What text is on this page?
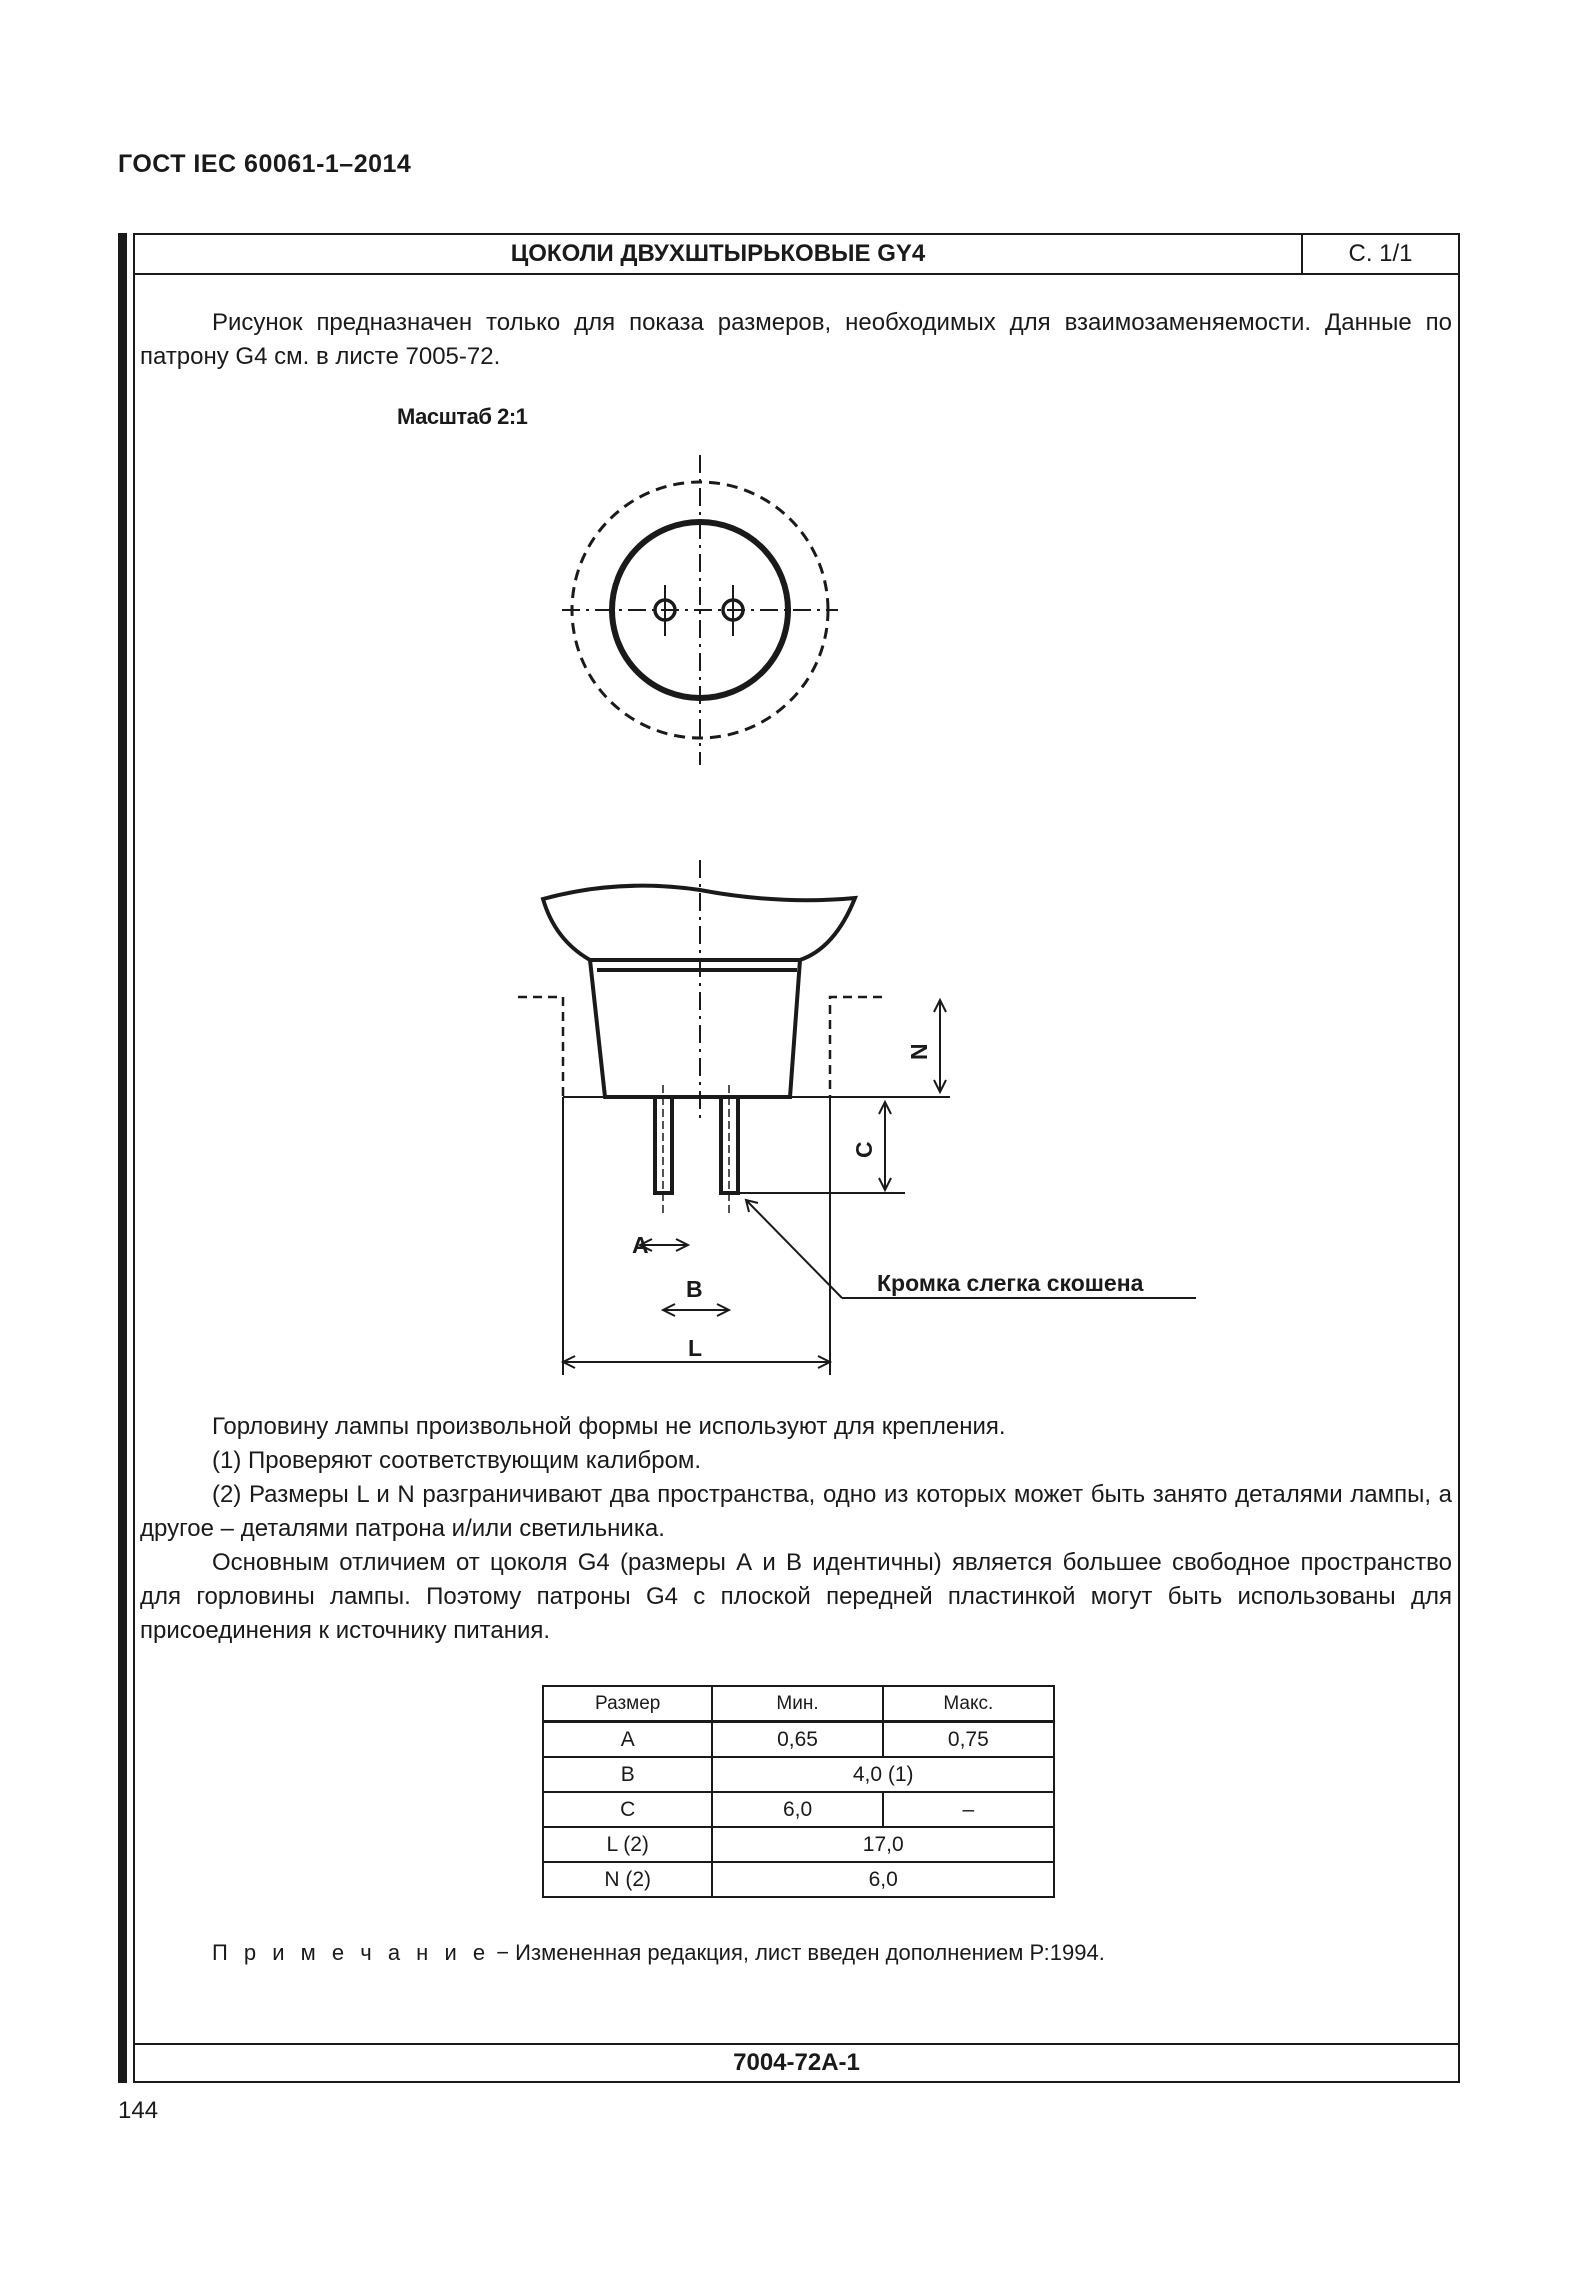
ГОСТ IEC 60061-1–2014
ЦОКОЛИ ДВУХШТЫРЬКОВЫЕ GY4	С. 1/1
7004-72А-1

Рисунок предназначен только для показа размеров, необходимых для взаимозаменяемости. Данные по патрону G4 см. в листе 7005-72.

Масштаб 2:1
A
B
L
N
C
Кромка слегка скошена

Горловину лампы произвольной формы не используют для крепления.

(1) Проверяют соответствующим калибром.

(2) Размеры L и N разграничивают два пространства, одно из которых может быть занято деталями лампы, а другое – деталями патрона и/или светильника.

Основным отличием от цоколя G4 (размеры А и В идентичны) является большее свободное пространство для горловины лампы. Поэтому патроны G4 с плоской передней пластинкой могут быть использованы для присоединения к источнику питания.

Размер	Мин.	Макс.
A	0,65	0,75
B	4,0 (1)	
C	6,0	–
L (2)	17,0	
N (2)	6,0	
П р и м е ч а н и е − Измененная редакция, лист введен дополнением Р:1994.
144
